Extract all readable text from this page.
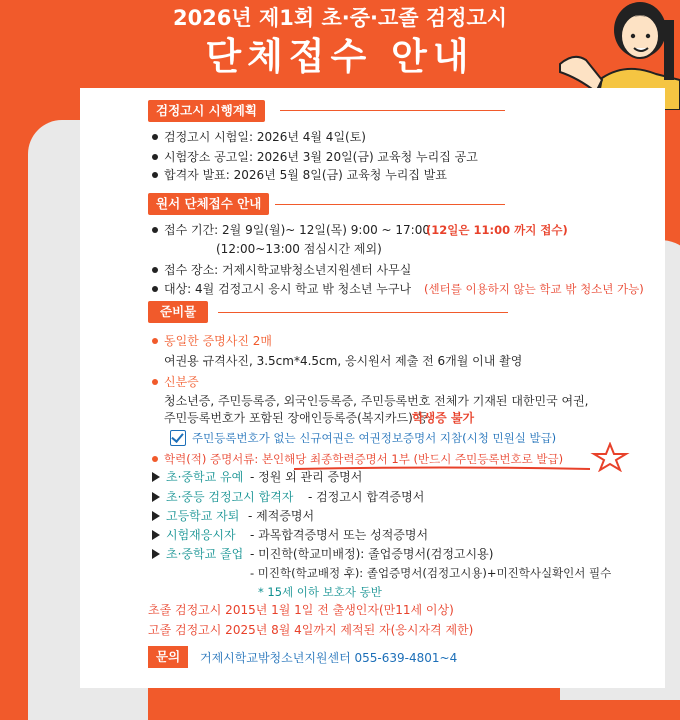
2026년 제1회 초·중·고졸 검정고시
단체접수 안내
검정고시 시행계획
검정고시 시험일: 2026년 4월 4일(토)
시험장소 공고일: 2026년 3월 20일(금) 교육청 누리집 공고
합격자 발표: 2026년 5월 8일(금) 교육청 누리집 발표
원서 단체접수 안내
접수 기간: 2월 9일(월)~ 12일(목) 9:00 ~ 17:00
(12일은 11:00 까지 접수)
(12:00~13:00 점심시간 제외)
접수 장소: 거제시학교밖청소년지원센터 사무실
대상: 4월 검정고시 응시 학교 밖 청소년 누구나 (센터를 이용하지 않는 학교 밖 청소년 가능)
준비물
동일한 증명사진 2매
여권용 규격사진, 3.5cm*4.5cm, 응시원서 제출 전 6개월 이내 촬영
신분증
청소년증, 주민등록증, 외국인등록증, 주민등록번호 전체가 기재된 대한민국 여권,
주민등록번호가 포함된 장애인등록증(복지카드) 등
학생증 불가
주민등록번호가 없는 신규여권은 여권정보증명서 지참(시청 민원실 발급)
학력(적) 증명서류: 본인해당 최종학력증명서 1부 (반드시 주민등록번호로 발급)
초·중학교 유예 - 정원 외 관리 증명서
초·중등 검정고시 합격자 - 검정고시 합격증명서
고등학교 자퇴 - 제적증명서
시험재응시자 - 과목합격증명서 또는 성적증명서
초·중학교 졸업 - 미진학(학교미배정): 졸업증명서(검정고시용)
- 미진학(학교배정 후): 졸업증명서(검정고시용)+미진학사실확인서 필수
* 15세 이하 보호자 동반
초졸 검정고시 2015년 1월 1일 전 출생인자(만11세 이상)
고졸 검정고시 2025년 8월 4일까지 제적된 자(응시자격 제한)
문의	거제시학교밖청소년지원센터 055-639-4801~4
